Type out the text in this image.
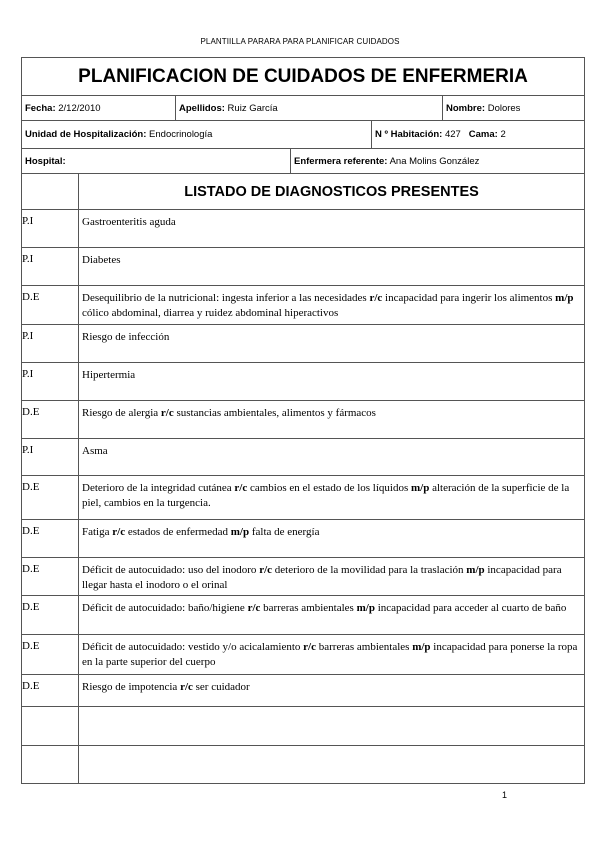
PLANTIILLA PARARA PARA PLANIFICAR CUIDADOS
PLANIFICACION DE CUIDADOS DE ENFERMERIA					
Fecha: 2/12/2010		Apellidos: Ruiz García			Nombre: Dolores
Unidad de Hospitalización: Endocrinología				N º Habitación: 427 Cama: 2	
Hospital:			Enfermera referente: Ana Molins González		
	LISTADO DE DIAGNOSTICOS PRESENTES				
P.I	Gastroenteritis aguda				
P.I	Diabetes				
D.E	Desequilibrio de la nutricional: ingesta inferior a las necesidades r/c incapacidad para ingerir los alimentos m/p cólico abdominal, diarrea y ruidez abdominal hiperactivos				
P.I	Riesgo de infección				
P.I	Hipertermia				
D.E	Riesgo de alergia r/c sustancias ambientales, alimentos y fármacos				
P.I	Asma				
D.E	Deterioro de la integridad cutánea r/c cambios en el estado de los líquidos m/p alteración de la superficie de la piel, cambios en la turgencia.				
D.E	Fatiga r/c estados de enfermedad m/p falta de energía				
D.E	Déficit de autocuidado: uso del inodoro r/c deterioro de la movilidad para la traslación m/p incapacidad para llegar hasta el inodoro o el orinal				
D.E	Déficit de autocuidado: baño/higiene r/c barreras ambientales m/p incapacidad para acceder al cuarto de baño				
D.E	Déficit de autocuidado: vestido y/o acicalamiento r/c barreras ambientales m/p incapacidad para ponerse la ropa en la parte superior del cuerpo				
D.E	Riesgo de impotencia r/c ser cuidador				

1
